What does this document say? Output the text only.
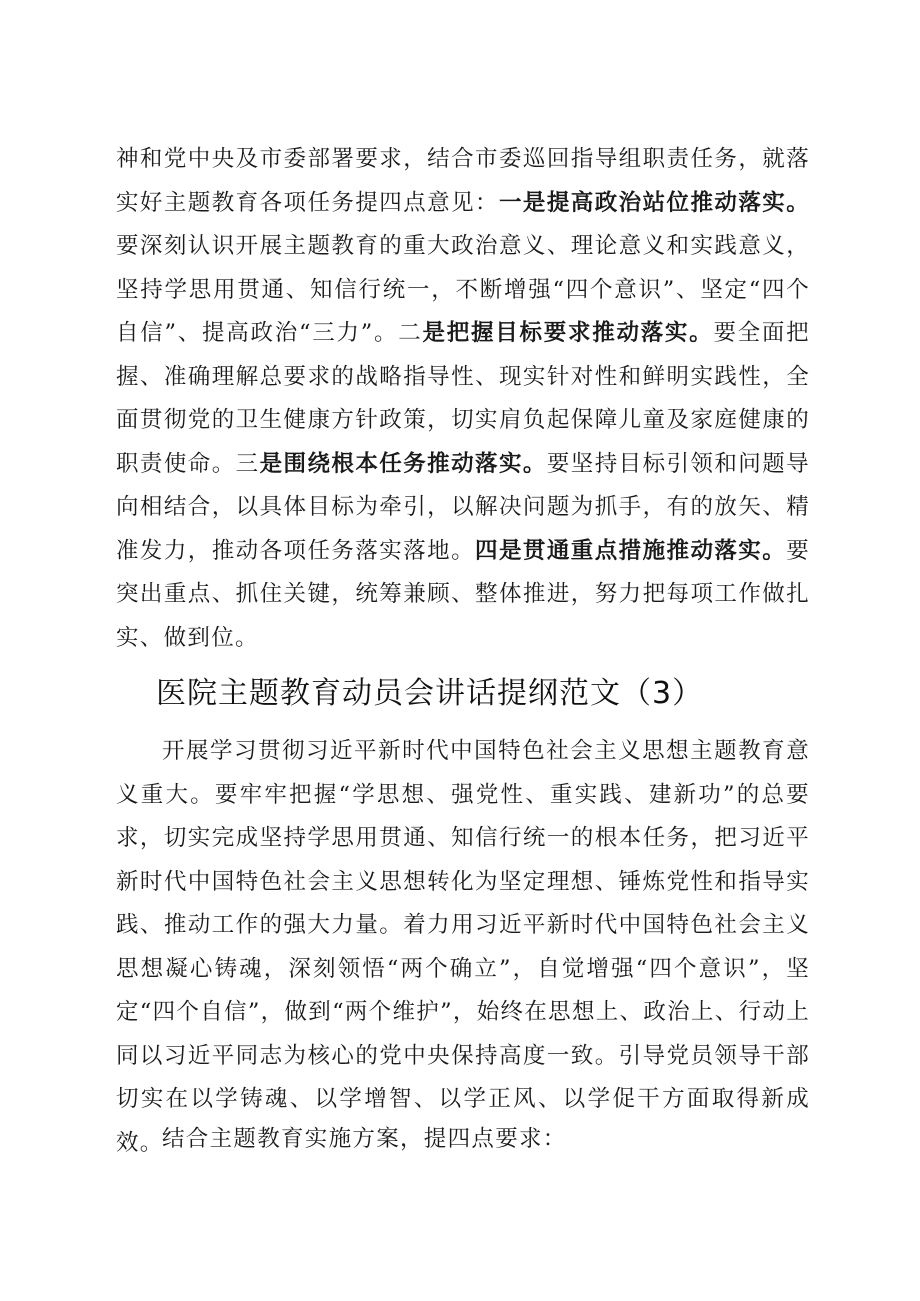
神和党中央及市委部署要求，结合市委巡回指导组职责任务，就落实好主题教育各项任务提四点意见：一是提高政治站位推动落实。要深刻认识开展主题教育的重大政治意义、理论意义和实践意义，坚持学思用贯通、知信行统一，不断增强“四个意识”、坚定“四个自信”、提高政治“三力”。二是把握目标要求推动落实。要全面把握、准确理解总要求的战略指导性、现实针对性和鲜明实践性，全面贯彻党的卫生健康方针政策，切实肩负起保障儿童及家庭健康的职责使命。三是围绕根本任务推动落实。要坚持目标引领和问题导向相结合，以具体目标为牵引，以解决问题为抓手，有的放矢、精准发力，推动各项任务落实落地。四是贯通重点措施推动落实。要突出重点、抓住关键，统筹兼顾、整体推进，努力把每项工作做扎实、做到位。

医院主题教育动员会讲话提纲范文（3）

开展学习贯彻习近平新时代中国特色社会主义思想主题教育意义重大。要牢牢把握“学思想、强党性、重实践、建新功”的总要求，切实完成坚持学思用贯通、知信行统一的根本任务，把习近平新时代中国特色社会主义思想转化为坚定理想、锤炼党性和指导实践、推动工作的强大力量。着力用习近平新时代中国特色社会主义思想凝心铸魂，深刻领悟“两个确立”，自觉增强“四个意识”，坚定“四个自信”，做到“两个维护”，始终在思想上、政治上、行动上同以习近平同志为核心的党中央保持高度一致。引导党员领导干部切实在以学铸魂、以学增智、以学正风、以学促干方面取得新成效。

结合主题教育实施方案，提四点要求：
